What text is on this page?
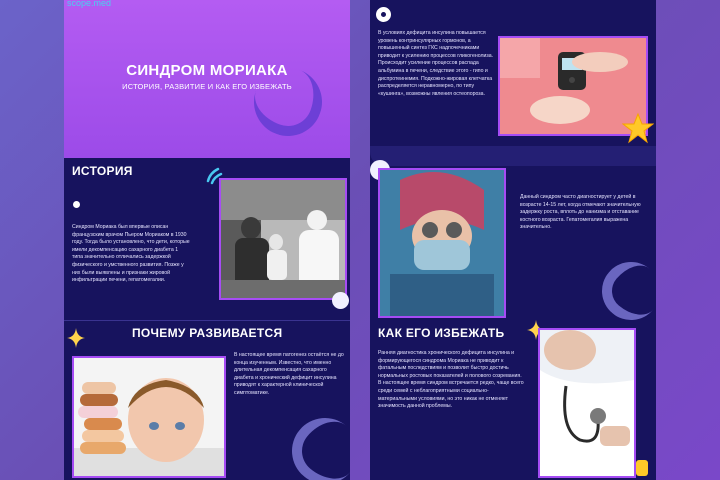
scope.med
СИНДРОМ МОРИАКА
ИСТОРИЯ, РАЗВИТИЕ И КАК ЕГО ИЗБЕЖАТЬ
ИСТОРИЯ
Синдром Мориака был впервые описан французским врачом Пьером Мориаком в 1930 году. Тогда было установлено, что дети, которые имели декомпенсацию сахарного диабета 1 типа значительно отличались задержкой физического и умственного развития. Позже у них были выявлены и признаки жировой инфильтрации печени, гепатомегалии.
ПОЧЕМУ РАЗВИВАЕТСЯ
В настоящее время патогенез остаётся не до конца изученным. Известно, что именно длительная декомпенсация сахарного диабета и хронический дефицит инсулина приводят к характерной клинической симптоматике.
В условиях дефицита инсулина повышается уровень контринсулярных гормонов, а повышенный синтез ГКС надпочечниками приводит к усилению процессов гликогенолиза. Происходит усиление процессов распада альбумина в печени, следствие этого - гипо и диспротеинемия. Подкожно-жировая клетчатка распределяется неравномерно, по типу «кушинга», возможны явления остеопороза.
Данный синдром часто диагностирует у детей в возрасте 14-15 лет, когда отмечают значительную задержку роста, вплоть до нанизма и отставание костного возраста. Гепатомегалия выражена значительно.
КАК ЕГО ИЗБЕЖАТЬ
Ранняя диагностика хронического дефицита инсулина и формирующегося синдрома Мориака не приводит к фатальным последствиям и позволит быстро достичь нормальных ростовых показателей и полового созревания. В настоящее время синдром встречается редко, чаще всего среди семей с неблагоприятными социально-материальными условиями, но это никак не отменяет значимость данной проблемы.
